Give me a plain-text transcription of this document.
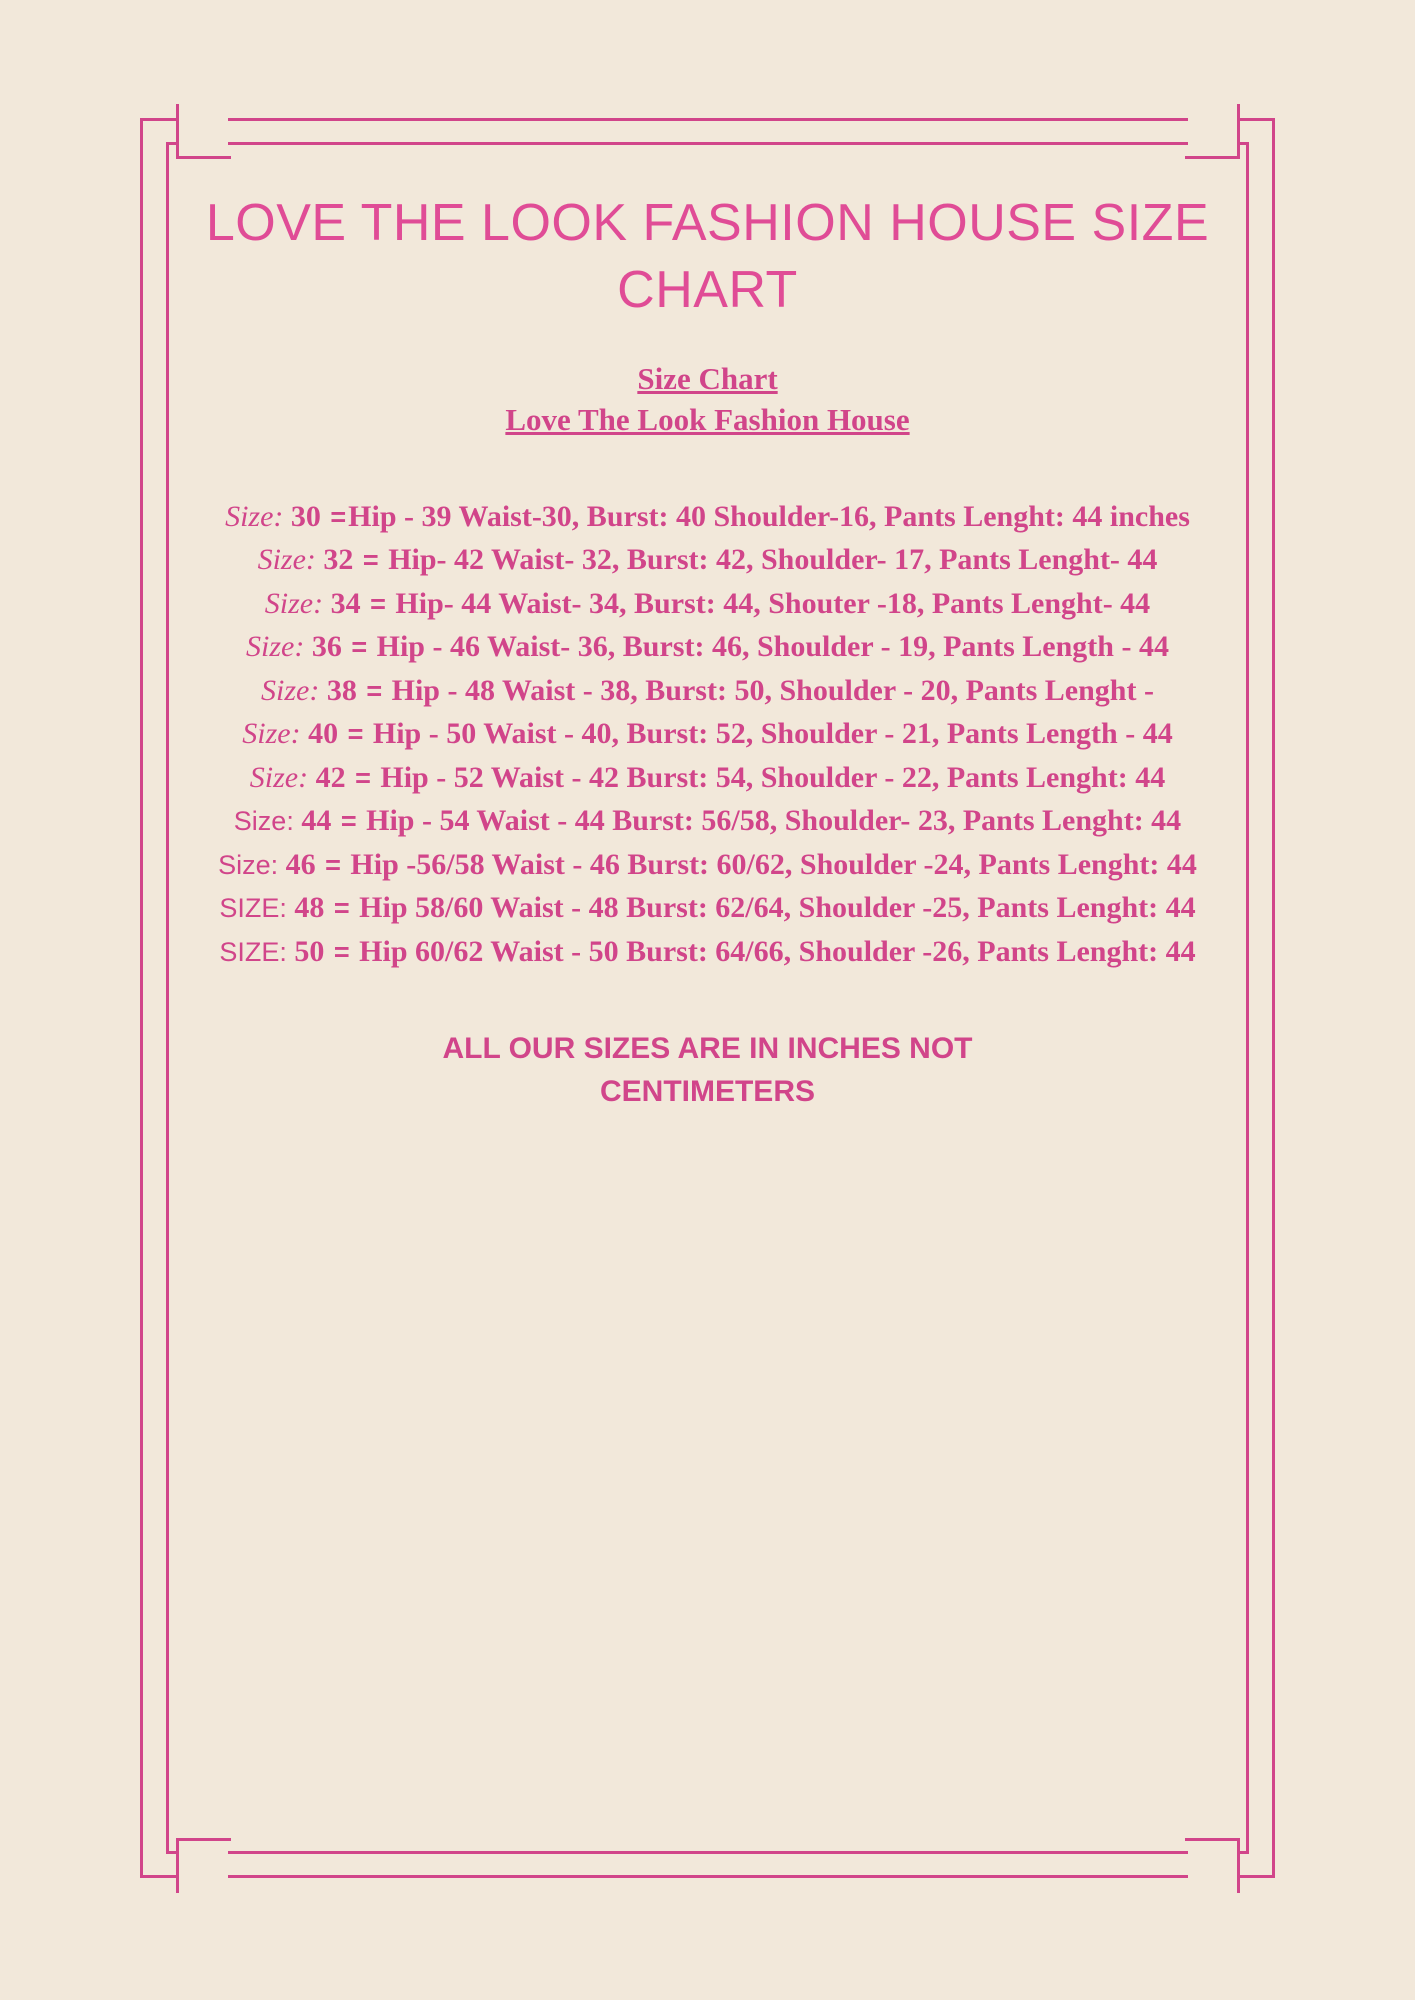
LOVE THE LOOK FASHION HOUSE SIZE CHART
Size Chart
Love The Look Fashion House
Size: 30 =Hip - 39 Waist-30, Burst: 40 Shoulder-16, Pants Lenght: 44 inches
Size: 32 = Hip- 42 Waist- 32, Burst: 42, Shoulder- 17, Pants Lenght- 44
Size: 34 = Hip- 44 Waist- 34, Burst: 44, Shouter -18, Pants Lenght- 44
Size: 36 = Hip - 46 Waist- 36, Burst: 46, Shoulder - 19, Pants Length - 44
Size: 38 = Hip - 48 Waist - 38, Burst: 50, Shoulder - 20, Pants Lenght -
Size: 40 = Hip - 50 Waist - 40, Burst: 52, Shoulder - 21, Pants Length - 44
Size: 42 = Hip - 52 Waist - 42 Burst: 54, Shoulder - 22, Pants Lenght: 44
Size: 44 = Hip - 54 Waist - 44 Burst: 56/58, Shoulder- 23, Pants Lenght: 44
Size: 46 = Hip -56/58 Waist - 46 Burst: 60/62, Shoulder -24, Pants Lenght: 44
SIZE: 48 = Hip 58/60 Waist - 48 Burst: 62/64, Shoulder -25, Pants Lenght: 44
SIZE: 50 = Hip 60/62 Waist - 50 Burst: 64/66, Shoulder -26, Pants Lenght: 44
ALL OUR SIZES ARE IN INCHES NOT
CENTIMETERS
